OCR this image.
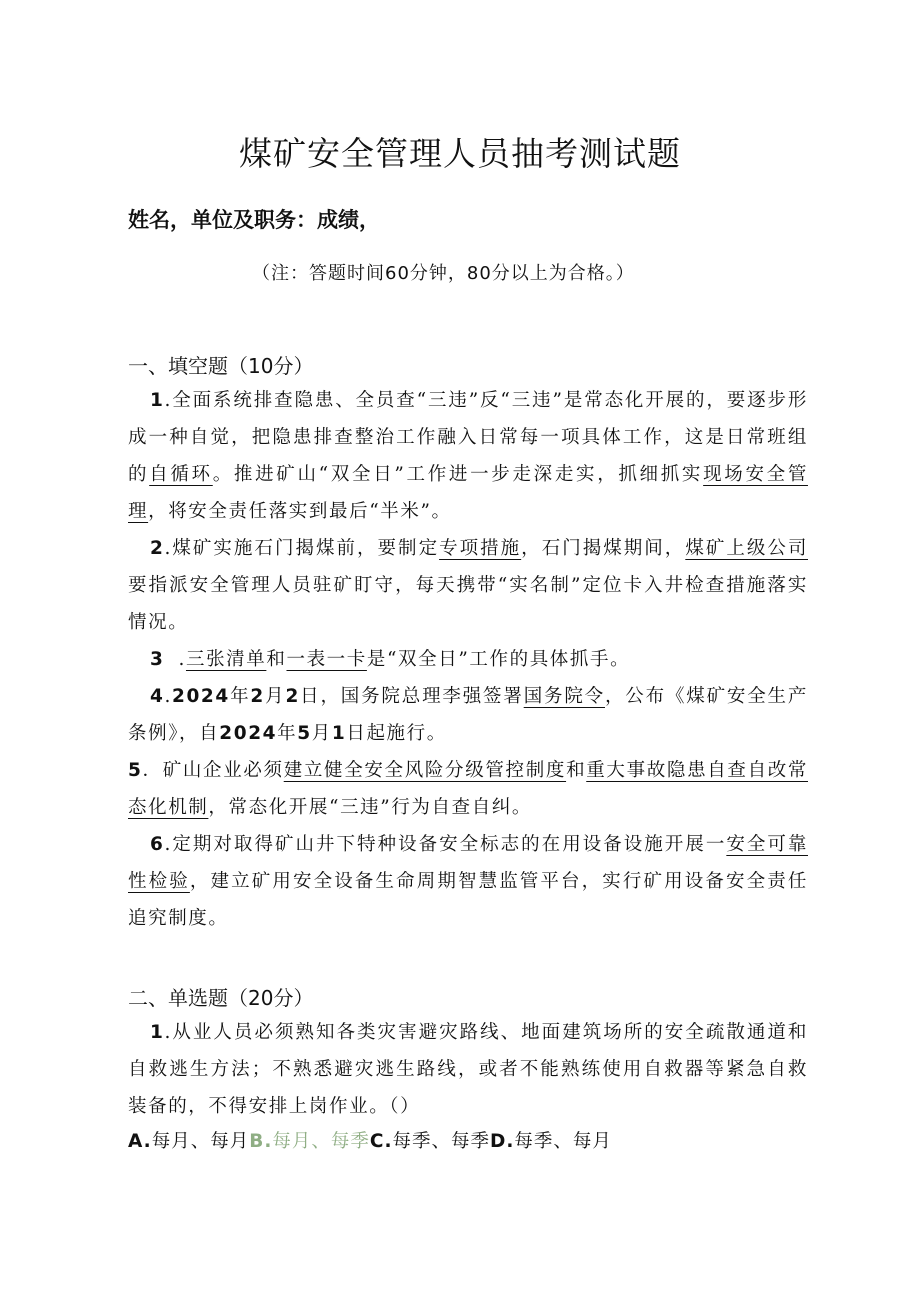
煤矿安全管理人员抽考测试题
姓名，单位及职务：成绩，
（注：答题时间60分钟，80分以上为合格。）
一、填空题（10分）
1.全面系统排查隐患、全员查“三违”反“三违”是常态化开展的，要逐步形成一种自觉，把隐患排查整治工作融入日常每一项具体工作，这是日常班组的自循环。推进矿山“双全日”工作进一步走深走实，抓细抓实现场安全管理，将安全责任落实到最后“半米”。
2.煤矿实施石门揭煤前，要制定专项措施，石门揭煤期间，煤矿上级公司要指派安全管理人员驻矿盯守，每天携带“实名制”定位卡入井检查措施落实情况。
3 .三张清单和一表一卡是“双全日”工作的具体抓手。
4.2024年2月2日，国务院总理李强签署国务院令，公布《煤矿安全生产条例》，自2024年5月1日起施行。
5．矿山企业必须建立健全安全风险分级管控制度和重大事故隐患自查自改常态化机制，常态化开展“三违”行为自查自纠。
6.定期对取得矿山井下特种设备安全标志的在用设备设施开展一安全可靠性检验，建立矿用安全设备生命周期智慧监管平台，实行矿用设备安全责任追究制度。
二、单选题（20分）
1.从业人员必须熟知各类灾害避灾路线、地面建筑场所的安全疏散通道和自救逃生方法；不熟悉避灾逃生路线，或者不能熟练使用自救器等紧急自救装备的，不得安排上岗作业。（）
A.每月、每月B.每月、每季C.每季、每季D.每季、每月
